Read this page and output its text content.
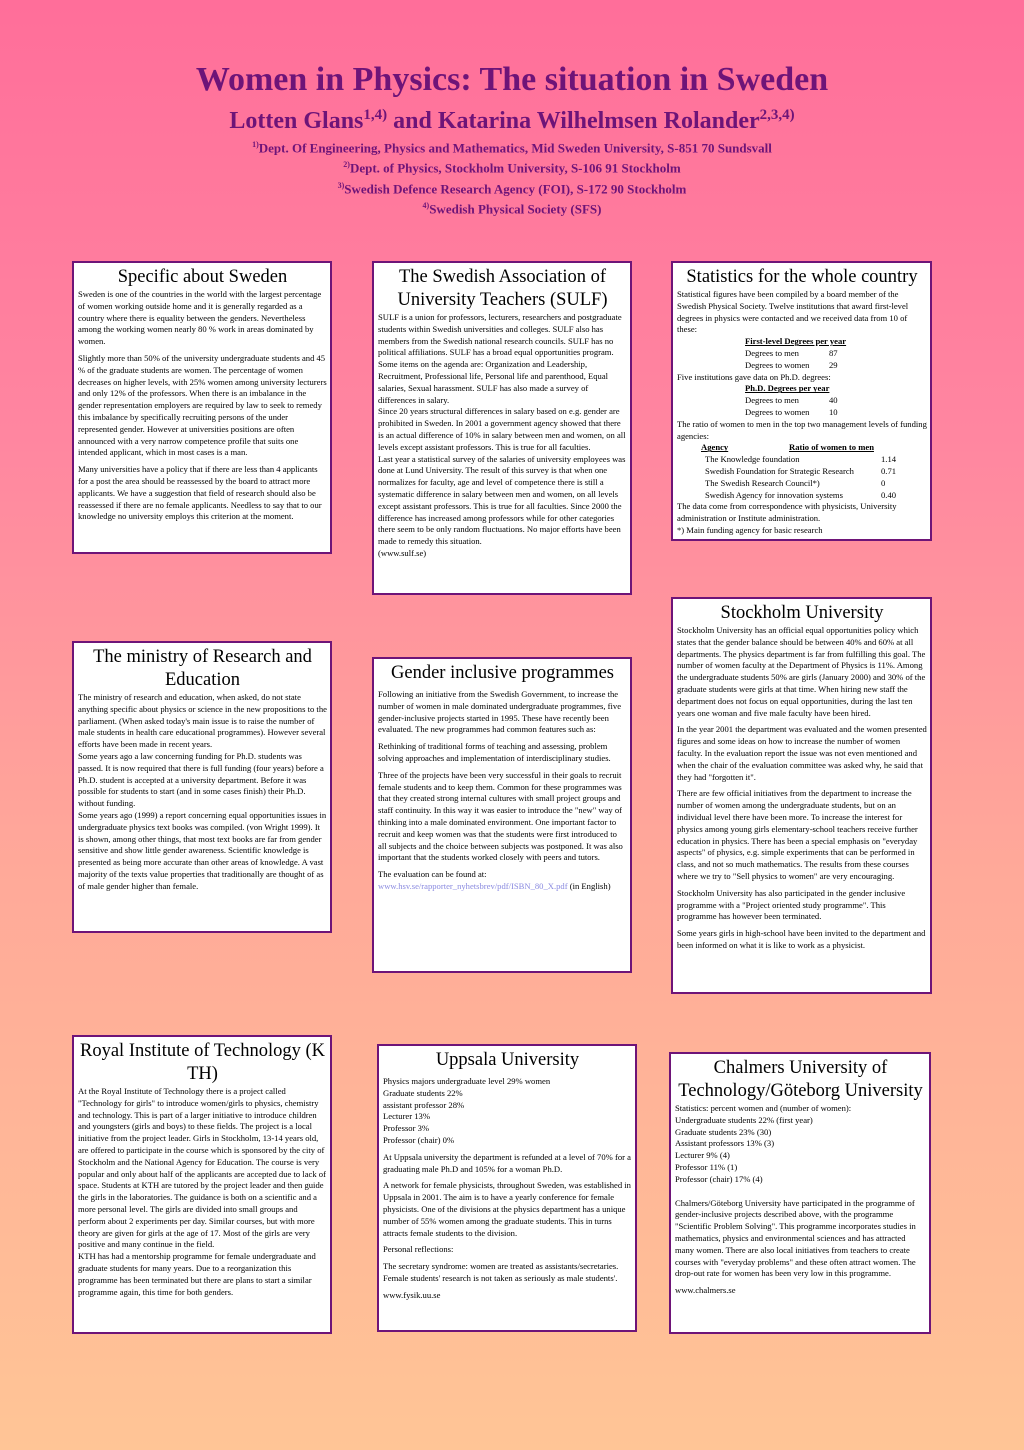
Women in Physics: The situation in Sweden
Lotten Glans$^{1,4)}$ and Katarina Wilhelmsen Rolander$^{2,3,4)}$
$^{1)}$Dept. Of Engineering, Physics and Mathematics, Mid Sweden University, S-851 70 Sundsvall
$^{2)}$Dept. of Physics, Stockholm University, S-106 91 Stockholm
$^{3)}$Swedish Defence Research Agency (FOI), S-172 90 Stockholm
$^{4)}$Swedish Physical Society (SFS)
Specific about Sweden

Sweden is one of the countries in the world with the largest percentage of women working outside home and it is generally regarded as a country where there is equality between the genders. Nevertheless among the working women nearly 80 % work in areas dominated by women.

Slightly more than 50% of the university undergraduate students and 45 % of the graduate students are women. The percentage of women decreases on higher levels, with 25% women among university lecturers and only 12% of the professors. When there is an imbalance in the gender representation employers are required by law to seek to remedy this imbalance by specifically recruiting persons of the under represented gender. However at universities positions are often announced with a very narrow competence profile that suits one intended applicant, which in most cases is a man.

Many universities have a policy that if there are less than 4 applicants for a post the area should be reassessed by the board to attract more applicants. We have a suggestion that field of research should also be reassessed if there are no female applicants. Needless to say that to our knowledge no university employs this criterion at the moment.

The Swedish Association of University Teachers (SULF)

SULF is a union for professors, lecturers, researchers and postgraduate students within Swedish universities and colleges. SULF also has members from the Swedish national research councils. SULF has no political affiliations. SULF has a broad equal opportunities program. Some items on the agenda are: Organization and Leadership, Recruitment, Professional life, Personal life and parenthood, Equal salaries, Sexual harassment. SULF has also made a survey of differences in salary.

Since 20 years structural differences in salary based on e.g. gender are prohibited in Sweden. In 2001 a government agency showed that there is an actual difference of 10% in salary between men and women, on all levels except assistant professors. This is true for all faculties.

Last year a statistical survey of the salaries of university employees was done at Lund University. The result of this survey is that when one normalizes for faculty, age and level of competence there is still a systematic difference in salary between men and women, on all levels except assistant professors. This is true for all faculties. Since 2000 the difference has increased among professors while for other categories there seem to be only random fluctuations. No major efforts have been made to remedy this situation.

(www.sulf.se)

Statistics for the whole country
Statistical figures have been compiled by a board member of the Swedish Physical Society. Twelve institutions that award first-level degrees in physics were contacted and we received data from 10 of these:
First-level Degrees per year
Degrees to men	87
Degrees to women	29
Five institutions gave data on Ph.D. degrees:
Ph.D. Degrees per year
Degrees to men	40
Degrees to women	10
The ratio of women to men in the top two management levels of funding agencies:
Agency	Ratio of women to men
The Knowledge foundation	1.14
Swedish Foundation for Strategic Research	0.71
The Swedish Research Council*)	0
Swedish Agency for innovation systems	0.40
The data come from correspondence with physicists, University administration or Institute administration.
*) Main funding agency for basic research
Stockholm University

Stockholm University has an official equal opportunities policy which states that the gender balance should be between 40% and 60% at all departments. The physics department is far from fulfilling this goal. The number of women faculty at the Department of Physics is 11%. Among the undergraduate students 50% are girls (January 2000) and 30% of the graduate students were girls at that time. When hiring new staff the department does not focus on equal opportunities, during the last ten years one woman and five male faculty have been hired.

In the year 2001 the department was evaluated and the women presented figures and some ideas on how to increase the number of women faculty. In the evaluation report the issue was not even mentioned and when the chair of the evaluation committee was asked why, he said that they had "forgotten it".

There are few official initiatives from the department to increase the number of women among the undergraduate students, but on an individual level there have been more. To increase the interest for physics among young girls elementary-school teachers receive further education in physics. There has been a special emphasis on "everyday aspects" of physics, e.g. simple experiments that can be performed in class, and not so much mathematics. The results from these courses where we try to "Sell physics to women" are very encouraging.

Stockholm University has also participated in the gender inclusive programme with a "Project oriented study programme". This programme has however been terminated.

Some years girls in high-school have been invited to the department and been informed on what it is like to work as a physicist.

The ministry of Research and Education

The ministry of research and education, when asked, do not state anything specific about physics or science in the new propositions to the parliament. (When asked today's main issue is to raise the number of male students in health care educational programmes). However several efforts have been made in recent years.

Some years ago a law concerning funding for Ph.D. students was passed. It is now required that there is full funding (four years) before a Ph.D. student is accepted at a university department. Before it was possible for students to start (and in some cases finish) their Ph.D. without funding.

Some years ago (1999) a report concerning equal opportunities issues in undergraduate physics text books was compiled. (von Wright 1999). It is shown, among other things, that most text books are far from gender sensitive and show little gender awareness. Scientific knowledge is presented as being more accurate than other areas of knowledge. A vast majority of the texts value properties that traditionally are thought of as of male gender higher than female.

Gender inclusive programmes

Following an initiative from the Swedish Government, to increase the number of women in male dominated undergraduate programmes, five gender-inclusive projects started in 1995. These have recently been evaluated. The new programmes had common features such as:

Rethinking of traditional forms of teaching and assessing, problem solving approaches and implementation of interdisciplinary studies.

Three of the projects have been very successful in their goals to recruit female students and to keep them. Common for these programmes was that they created strong internal cultures with small project groups and staff continuity. In this way it was easier to introduce the "new" way of thinking into a male dominated environment. One important factor to recruit and keep women was that the students were first introduced to all subjects and the choice between subjects was postponed. It was also important that the students worked closely with peers and tutors.

The evaluation can be found at:
www.hsv.se/rapporter_nyhetsbrev/pdf/ISBN_80_X.pdf (in English)

Royal Institute of Technology (K TH)

At the Royal Institute of Technology there is a project called "Technology for girls" to introduce women/girls to physics, chemistry and technology. This is part of a larger initiative to introduce children and youngsters (girls and boys) to these fields. The project is a local initiative from the project leader. Girls in Stockholm, 13-14 years old, are offered to participate in the course which is sponsored by the city of Stockholm and the National Agency for Education. The course is very popular and only about half of the applicants are accepted due to lack of space. Students at KTH are tutored by the project leader and then guide the girls in the laboratories. The guidance is both on a scientific and a more personal level. The girls are divided into small groups and perform about 2 experiments per day. Similar courses, but with more theory are given for girls at the age of 17. Most of the girls are very positive and many continue in the field.

KTH has had a mentorship programme for female undergraduate and graduate students for many years. Due to a reorganization this programme has been terminated but there are plans to start a similar programme again, this time for both genders.

Uppsala University

Physics majors undergraduate level 29% women
Graduate students 22%
assistant professor 28%
Lecturer 13%
Professor 3%
Professor (chair) 0%

At Uppsala university the department is refunded at a level of 70% for a graduating male Ph.D and 105% for a woman Ph.D.

A network for female physicists, throughout Sweden, was established in Uppsala in 2001. The aim is to have a yearly conference for female physicists. One of the divisions at the physics department has a unique number of 55% women among the graduate students. This in turns attracts female students to the division.

Personal reflections:

The secretary syndrome: women are treated as assistants/secretaries. Female students' research is not taken as seriously as male students'.

www.fysik.uu.se

Chalmers University of Technology/Göteborg University

Statistics: percent women and (number of women):
Undergraduate students 22% (first year)
Graduate students 23% (30)
Assistant professors 13% (3)
Lecturer 9% (4)
Professor 11% (1)
Professor (chair) 17% (4)

Chalmers/Göteborg University have participated in the programme of gender-inclusive projects described above, with the programme "Scientific Problem Solving". This programme incorporates studies in mathematics, physics and environmental sciences and has attracted many women. There are also local initiatives from teachers to create courses with "everyday problems" and these often attract women. The drop-out rate for women has been very low in this programme.

www.chalmers.se
